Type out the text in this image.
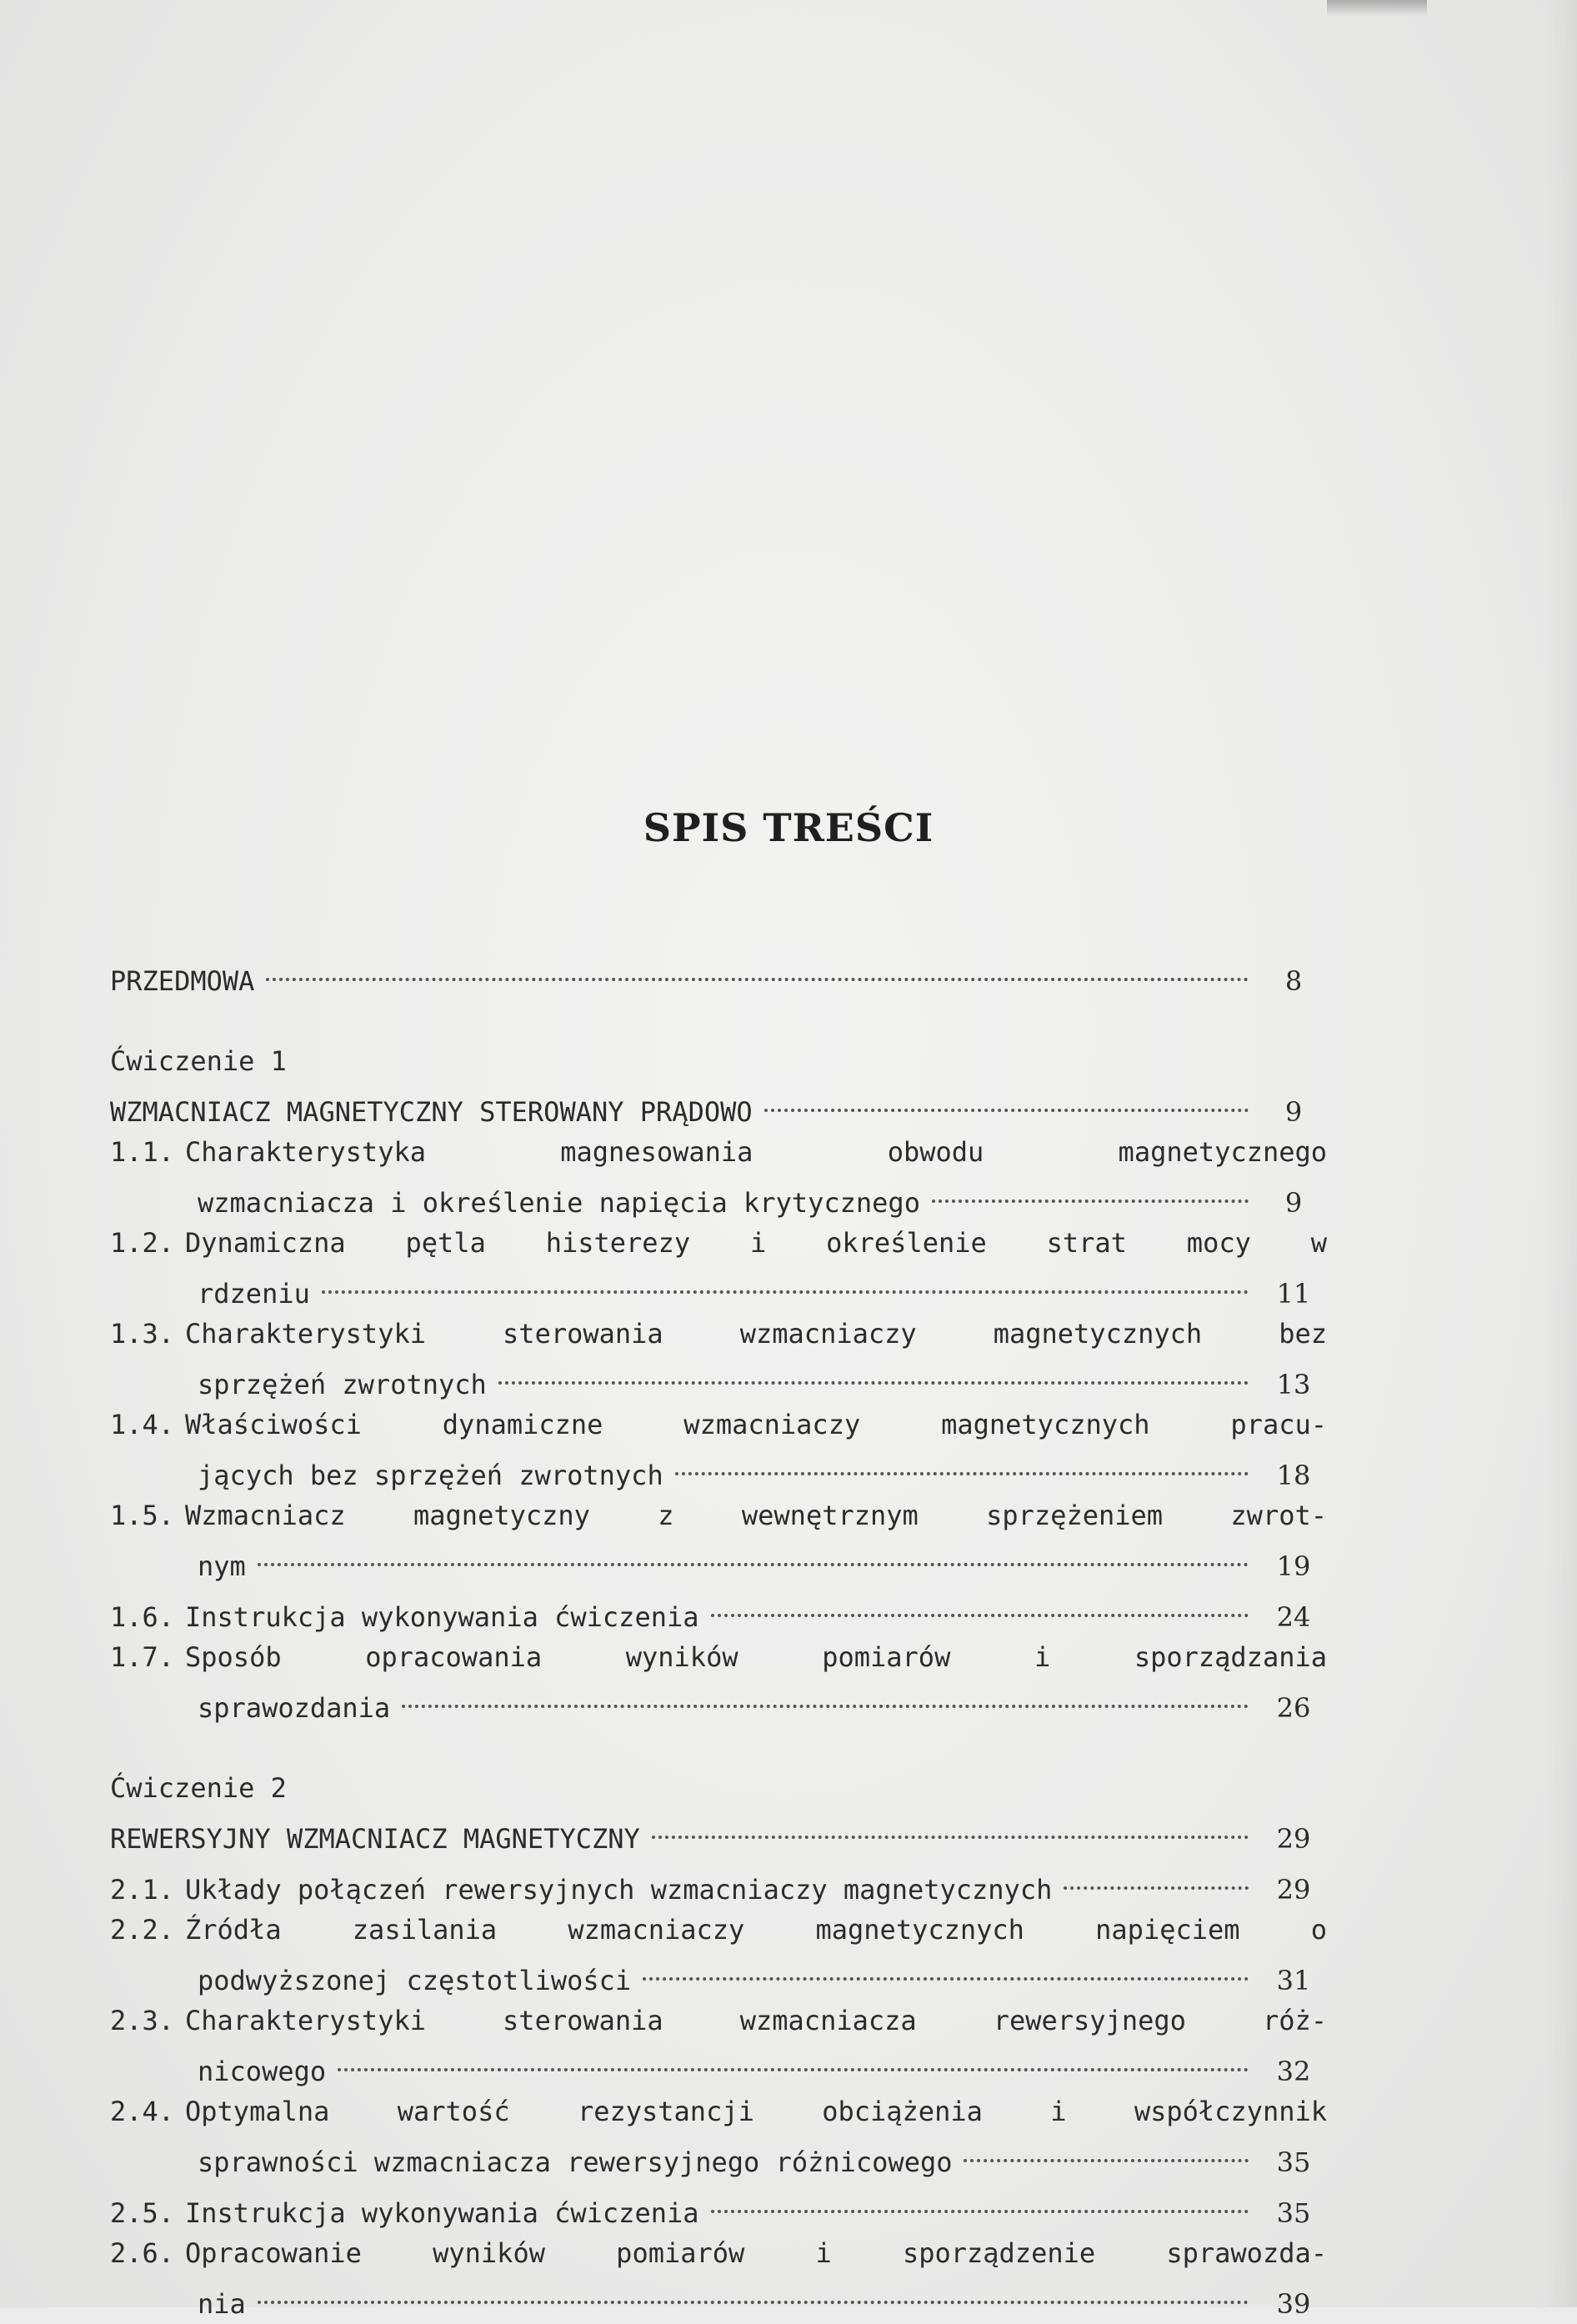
SPIS TREŚCI
PRZEDMOWA	8
Ćwiczenie 1
WZMACNIACZ MAGNETYCZNY STEROWANY PRĄDOWO	9
1.1. Charakterystyka magnesowania obwodu magnetycznego
wzmacniacza i określenie napięcia krytycznego	9
1.2. Dynamiczna pętla histerezy i określenie strat mocy w
rdzeniu	11
1.3. Charakterystyki sterowania wzmacniaczy magnetycznych bez
sprzężeń zwrotnych	13
1.4. Właściwości dynamiczne wzmacniaczy magnetycznych pracu-
jących bez sprzężeń zwrotnych	18
1.5. Wzmacniacz magnetyczny z wewnętrznym sprzężeniem zwrot-
nym	19
1.6. Instrukcja wykonywania ćwiczenia	24
1.7. Sposób opracowania wyników pomiarów i sporządzania
sprawozdania	26
Ćwiczenie 2
REWERSYJNY WZMACNIACZ MAGNETYCZNY	29
2.1. Układy połączeń rewersyjnych wzmacniaczy magnetycznych	29
2.2. Źródła zasilania wzmacniaczy magnetycznych napięciem o
podwyższonej częstotliwości	31
2.3. Charakterystyki sterowania wzmacniacza rewersyjnego róż-
nicowego	32
2.4. Optymalna wartość rezystancji obciążenia i współczynnik
sprawności wzmacniacza rewersyjnego różnicowego	35
2.5. Instrukcja wykonywania ćwiczenia	35
2.6. Opracowanie wyników pomiarów i sporządzenie sprawozda-
nia	39
